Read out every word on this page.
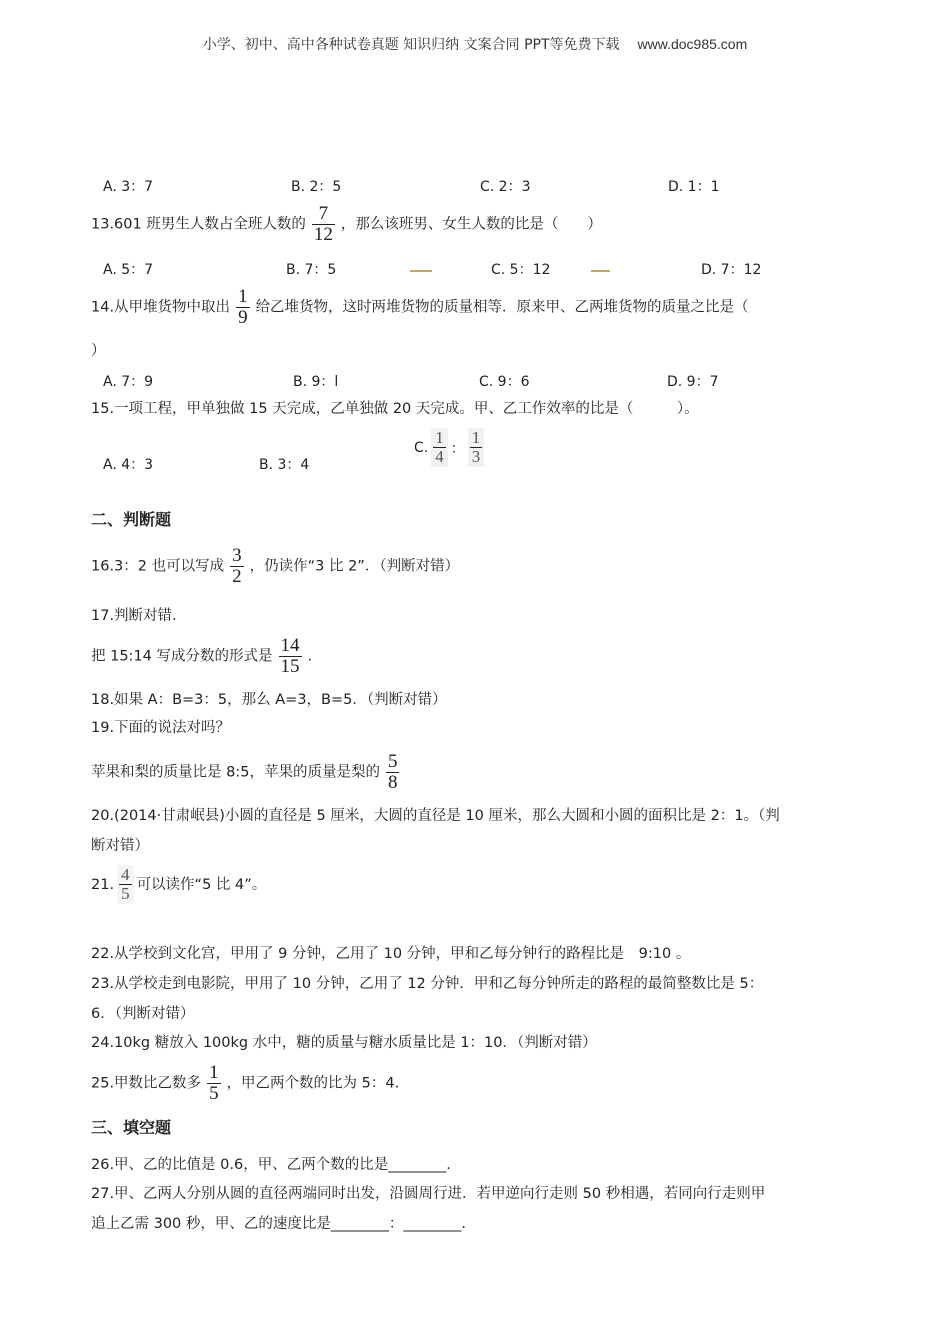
小学、初中、高中各种试卷真题 知识归纳 文案合同 PPT等免费下载 www.doc985.com
A. 3：7	B. 2：5	C. 2：3	D. 1：1
13.601 班男生人数占全班人数的 $\frac{7}{12}$ ，那么该班男、女生人数的比是（　　）
A. 5：7	B. 7：5	C. 5：12	D. 7：12
14.从甲堆货物中取出 $\frac{1}{9}$ 给乙堆货物，这时两堆货物的质量相等．原来甲、乙两堆货物的质量之比是（
）
A. 7：9	B. 9：l	C. 9：6	D. 9：7
15.一项工程，甲单独做 15 天完成，乙单独做 20 天完成。甲、乙工作效率的比是（　　　）。
A. 4：3	B. 3：4
C. $\frac{1}{4}$ ： $\frac{1}{3}$
二、判断题
16.3：2 也可以写成 $\frac{3}{2}$ ，仍读作“3 比 2”．（判断对错）
17.判断对错.
把 15:14 写成分数的形式是 $\frac{14}{15}$ .
18.如果 A：B=3：5，那么 A=3，B=5．（判断对错）
19.下面的说法对吗？
苹果和梨的质量比是 8:5，苹果的质量是梨的 $\frac{5}{8}$
20.(2014·甘肃岷县)小圆的直径是 5 厘米，大圆的直径是 10 厘米，那么大圆和小圆的面积比是 2：1。（判
断对错）
21. $\frac{4}{5}$ 可以读作“5 比 4”。
22.从学校到文化宫，甲用了 9 分钟，乙用了 10 分钟，甲和乙每分钟行的路程比是　9:10 。
23.从学校走到电影院，甲用了 10 分钟，乙用了 12 分钟．甲和乙每分钟所走的路程的最简整数比是 5：
6．（判断对错）
24.10kg 糖放入 100kg 水中，糖的质量与糖水质量比是 1：10．（判断对错）
25.甲数比乙数多 $\frac{1}{5}$ ，甲乙两个数的比为 5：4.
三、填空题
26.甲、乙的比值是 0.6，甲、乙两个数的比是________.
27.甲、乙两人分别从圆的直径两端同时出发，沿圆周行进．若甲逆向行走则 50 秒相遇，若同向行走则甲
追上乙需 300 秒，甲、乙的速度比是________：________.
